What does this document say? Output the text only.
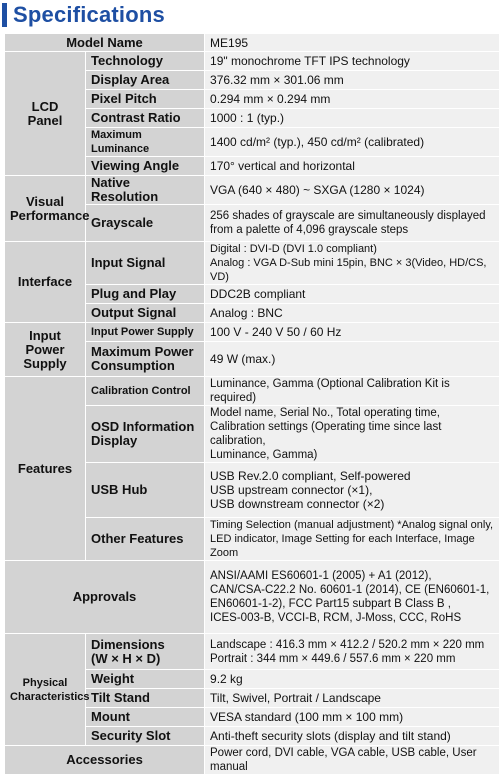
Specifications
Model Name		ME195
LCD
Panel	Technology	19" monochrome TFT IPS technology
	Display Area	376.32 mm × 301.06 mm
	Pixel Pitch	0.294 mm × 0.294 mm
	Contrast Ratio	1000 : 1 (typ.)
	Maximum Luminance	1400 cd/m² (typ.), 450 cd/m² (calibrated)
	Viewing Angle	170° vertical and horizontal
Visual
Performance	Native Resolution	VGA (640 × 480) ~ SXGA (1280 × 1024)
	Grayscale	256 shades of grayscale are simultaneously displayed
from a palette of 4,096 grayscale steps
Interface	Input Signal	Digital : DVI-D (DVI 1.0 compliant)
Analog : VGA D-Sub mini 15pin, BNC × 3(Video, HD/CS, VD)
	Plug and Play	DDC2B compliant
	Output Signal	Analog : BNC
Input
Power
Supply	Input Power Supply	100 V - 240 V 50 / 60 Hz
	Maximum Power
Consumption	49 W (max.)
Features	Calibration Control	Luminance, Gamma (Optional Calibration Kit is required)
	OSD Information
Display	Model name, Serial No., Total operating time,
Calibration settings (Operating time since last calibration,
Luminance, Gamma)
	USB Hub	USB Rev.2.0 compliant, Self-powered
USB upstream connector (×1),
USB downstream connector (×2)
	Other Features	Timing Selection (manual adjustment) *Analog signal only,
LED indicator, Image Setting for each Interface, Image Zoom
Approvals		ANSI/AAMI ES60601-1 (2005) + A1 (2012),
CAN/CSA-C22.2 No. 60601-1 (2014), CE (EN60601-1,
EN60601-1-2), FCC Part15 subpart B Class B ,
ICES-003-B, VCCI-B, RCM, J-Moss, CCC, RoHS
Physical
Characteristics	Dimensions
(W × H × D)	Landscape : 416.3 mm × 412.2 / 520.2 mm × 220 mm
Portrait : 344 mm × 449.6 / 557.6 mm × 220 mm
	Weight	9.2 kg
	Tilt Stand	Tilt, Swivel, Portrait / Landscape
	Mount	VESA standard (100 mm × 100 mm)
	Security Slot	Anti-theft security slots (display and tilt stand)
Accessories		Power cord, DVI cable, VGA cable, USB cable, User manual
